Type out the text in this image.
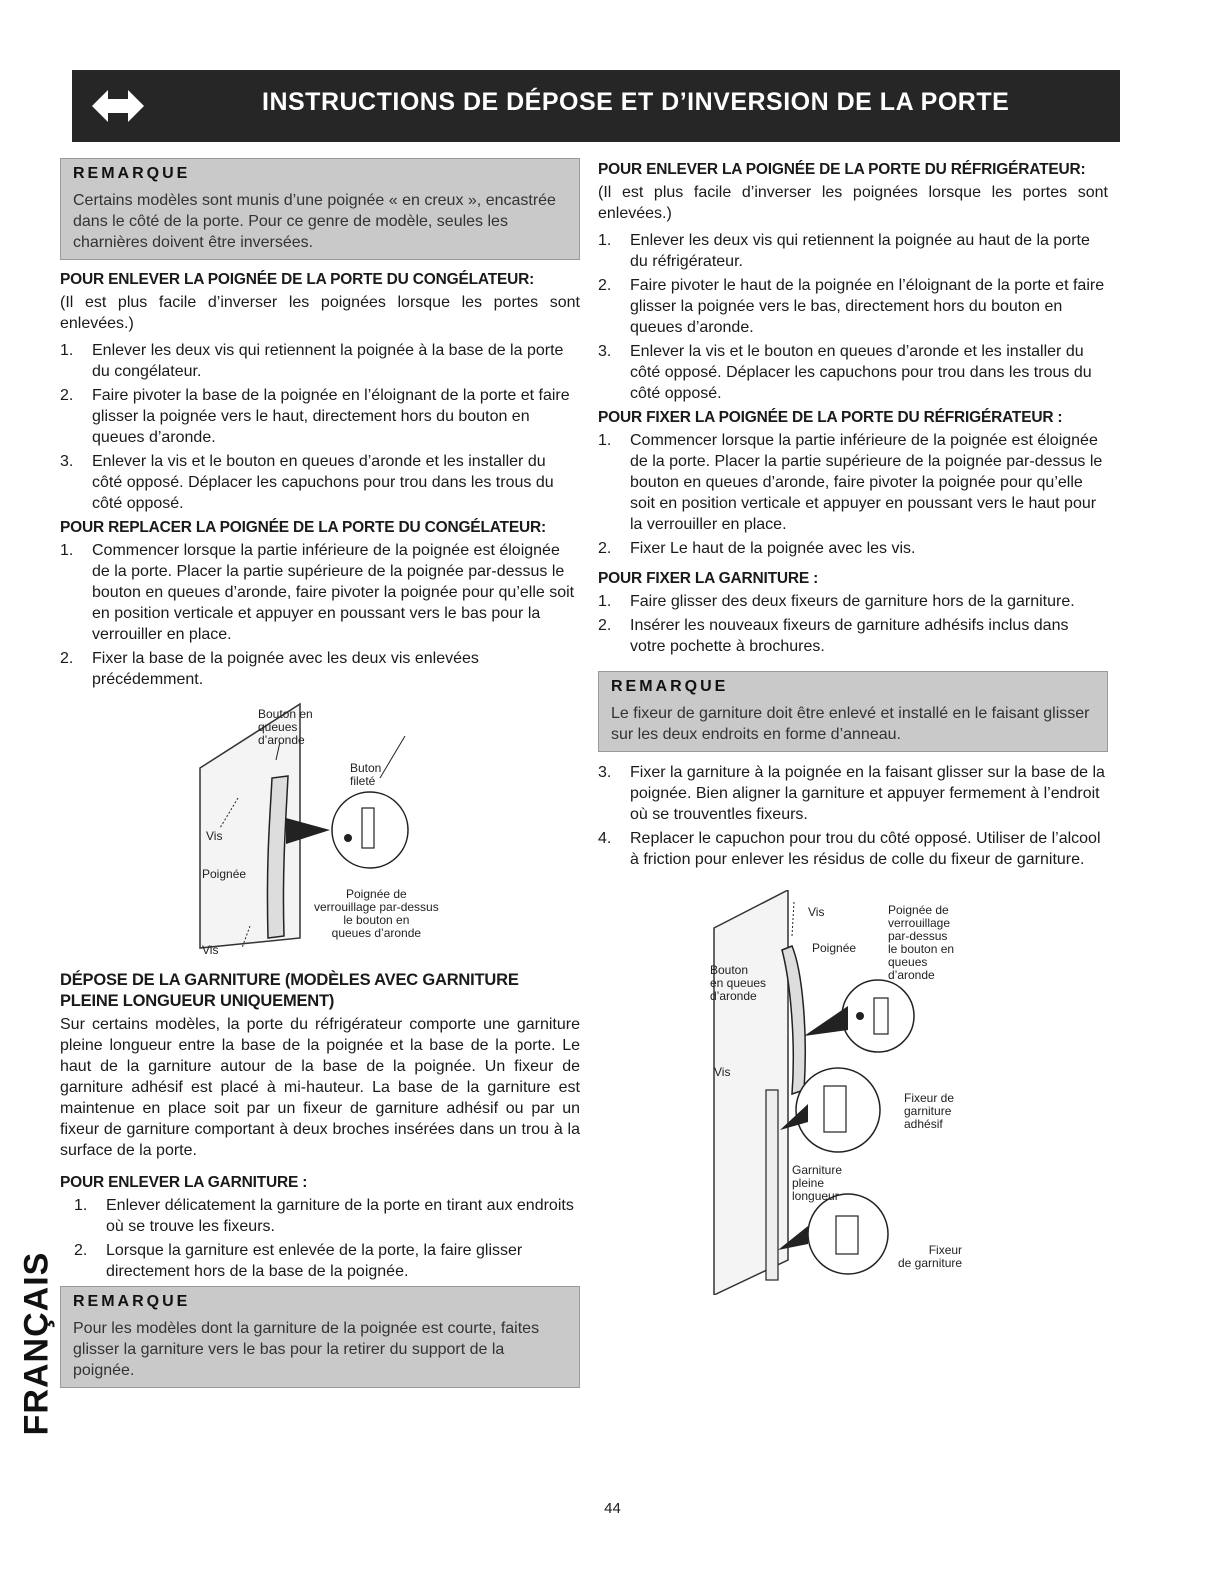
INSTRUCTIONS DE DÉPOSE ET D’INVERSION DE LA PORTE
REMARQUE
Certains modèles sont munis d’une poignée « en creux », encastrée dans le côté de la porte. Pour ce genre de modèle, seules les charnières doivent être inversées.
POUR ENLEVER LA POIGNÉE DE LA PORTE DU CONGÉLATEUR:
(Il est plus facile d’inverser les poignées lorsque les portes sont enlevées.)
1. Enlever les deux vis qui retiennent la poignée à la base de la porte du congélateur.
2. Faire pivoter la base de la poignée en l’éloignant de la porte et faire glisser la poignée vers le haut, directement hors du bouton en queues d’aronde.
3. Enlever la vis et le bouton en queues d’aronde et les installer du côté opposé. Déplacer les capuchons pour trou dans les trous du côté opposé.
POUR REPLACER LA POIGNÉE DE LA PORTE DU CONGÉLATEUR:
1. Commencer lorsque la partie inférieure de la poignée est éloignée de la porte. Placer la partie supérieure de la poignée par-dessus le bouton en queues d’aronde, faire pivoter la poignée pour qu’elle soit en position verticale et appuyer en poussant vers le bas pour la verrouiller en place.
2. Fixer la base de la poignée avec les deux vis enlevées précédemment.
Bouton en
queues
d’aronde
Buton
fileté
Vis
Poignée
Poignée de
verrouillage par-dessus
le bouton en
queues d’aronde
Vis
DÉPOSE DE LA GARNITURE (MODÈLES AVEC GARNITURE PLEINE LONGUEUR UNIQUEMENT)
Sur certains modèles, la porte du réfrigérateur comporte une garniture pleine longueur entre la base de la poignée et la base de la porte. Le haut de la garniture autour de la base de la poignée. Un fixeur de garniture adhésif est placé à mi-hauteur. La base de la garniture est maintenue en place soit par un fixeur de garniture adhésif ou par un fixeur de garniture comportant à deux broches insérées dans un trou à la surface de la porte.
POUR ENLEVER LA GARNITURE :
1. Enlever délicatement la garniture de la porte en tirant aux endroits où se trouve les fixeurs.
2. Lorsque la garniture est enlevée de la porte, la faire glisser directement hors de la base de la poignée.
REMARQUE
Pour les modèles dont la garniture de la poignée est courte, faites glisser la garniture vers le bas pour la retirer du support de la poignée.
POUR ENLEVER LA POIGNÉE DE LA PORTE DU RÉFRIGÉRATEUR:
(Il est plus facile d’inverser les poignées lorsque les portes sont enlevées.)
1. Enlever les deux vis qui retiennent la poignée au haut de la porte du réfrigérateur.
2. Faire pivoter le haut de la poignée en l’éloignant de la porte et faire glisser la poignée vers le bas, directement hors du bouton en queues d’aronde.
3. Enlever la vis et le bouton en queues d’aronde et les installer du côté opposé. Déplacer les capuchons pour trou dans les trous du côté opposé.
POUR FIXER LA POIGNÉE DE LA PORTE DU RÉFRIGÉRATEUR :
1. Commencer lorsque la partie inférieure de la poignée est éloignée de la porte. Placer la partie supérieure de la poignée par-dessus le bouton en queues d’aronde, faire pivoter la poignée pour qu’elle soit en position verticale et appuyer en poussant vers le haut pour la verrouiller en place.
2. Fixer Le haut de la poignée avec les vis.
POUR FIXER LA GARNITURE :
1. Faire glisser des deux fixeurs de garniture hors de la garniture.
2. Insérer les nouveaux fixeurs de garniture adhésifs inclus dans votre pochette à brochures.
REMARQUE
Le fixeur de garniture doit être enlevé et installé en le faisant glisser sur les deux endroits en forme d’anneau.
3. Fixer la garniture à la poignée en la faisant glisser sur la base de la poignée. Bien aligner la garniture et appuyer fermement à l’endroit où se trouventles fixeurs.
4. Replacer le capuchon pour trou du côté opposé. Utiliser de l’alcool à friction pour enlever les résidus de colle du fixeur de garniture.
Vis
Poignée
Poignée de
verrouillage
par-dessus
le bouton en
queues
d’aronde
Bouton
en queues
d’aronde
Vis
Fixeur de
garniture
adhésif
Garniture
pleine
longueur
Fixeur
de garniture
FRANÇAIS
44
